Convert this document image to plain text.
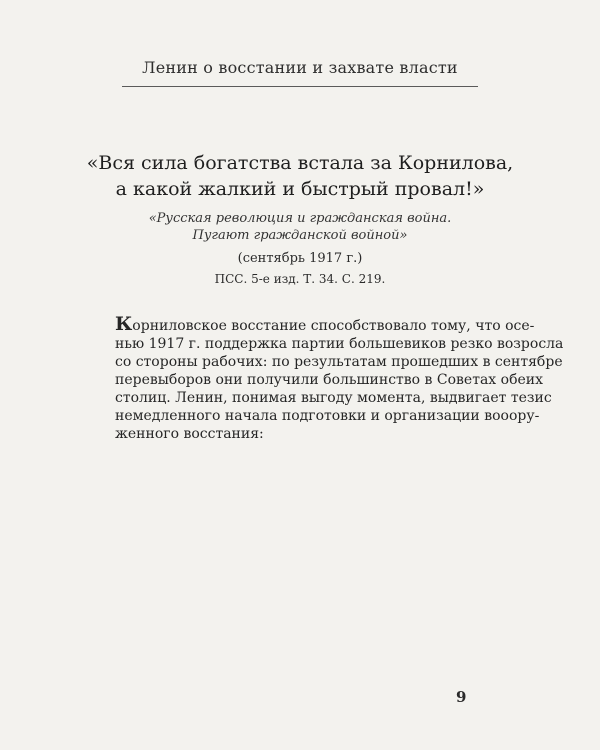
Ленин о восстании и захвате власти
«Вся сила богатства встала за Корнилова,
а какой жалкий и быстрый провал!»
«Русская революция и гражданская война.
Пугают гражданской войной»
(сентябрь 1917 г.)
ПСС. 5-е изд. Т. 34. С. 219.
Корниловское восстание способствовало тому, что осе-
нью 1917 г. поддержка партии большевиков резко возросла
со стороны рабочих: по результатам прошедших в сентябре
перевыборов они получили большинство в Советах обеих
столиц. Ленин, понимая выгоду момента, выдвигает тезис
немедленного начала подготовки и организации вооору-
женного восстания:
9
